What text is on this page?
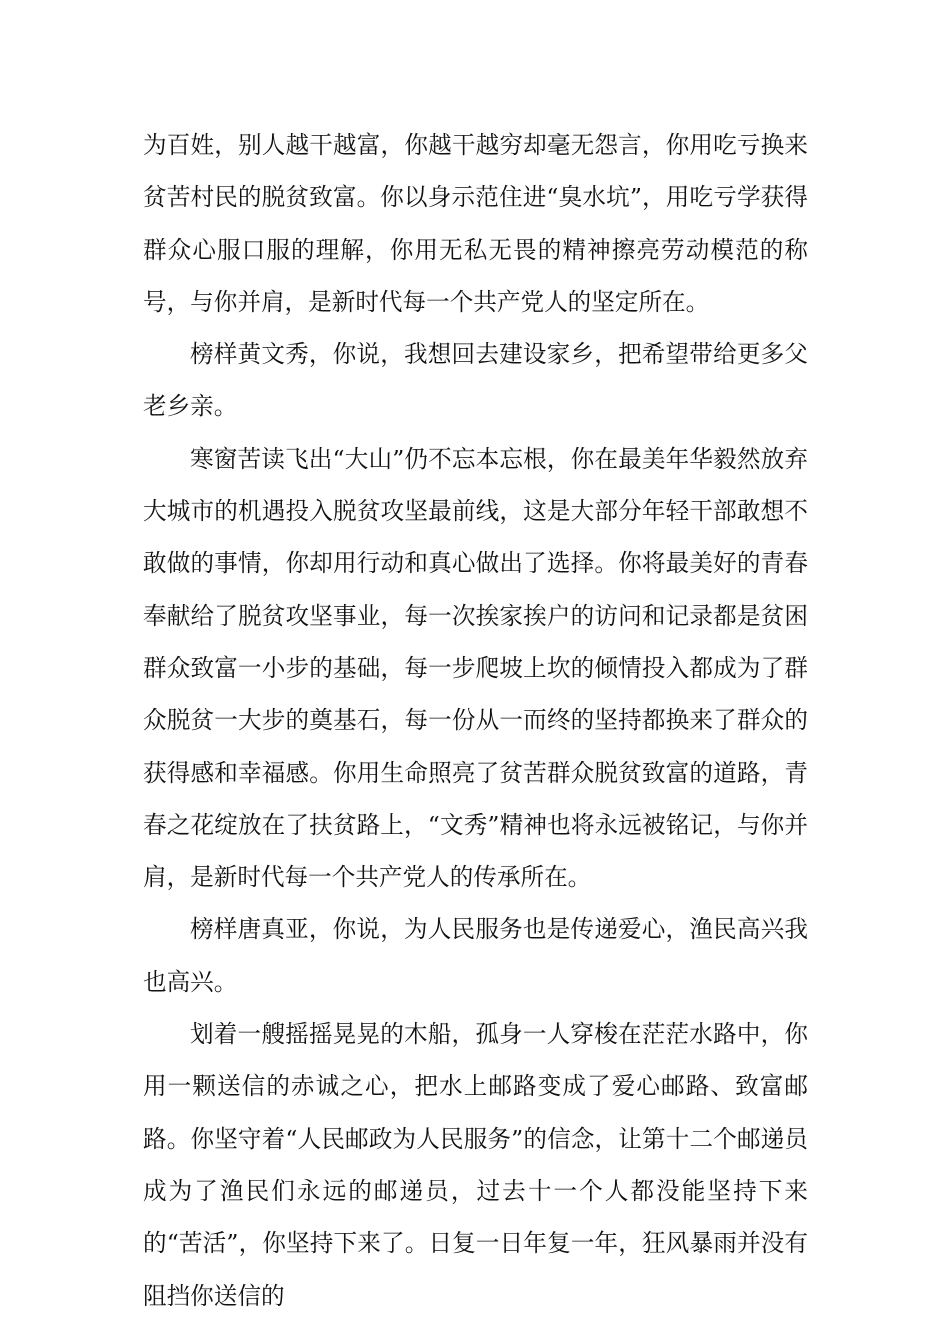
为百姓，别人越干越富，你越干越穷却毫无怨言，你用吃亏换来贫苦村民的脱贫致富。你以身示范住进“臭水坑”，用吃亏学获得群众心服口服的理解，你用无私无畏的精神擦亮劳动模范的称号，与你并肩，是新时代每一个共产党人的坚定所在。

榜样黄文秀，你说，我想回去建设家乡，把希望带给更多父老乡亲。

寒窗苦读飞出“大山”仍不忘本忘根，你在最美年华毅然放弃大城市的机遇投入脱贫攻坚最前线，这是大部分年轻干部敢想不敢做的事情，你却用行动和真心做出了选择。你将最美好的青春奉献给了脱贫攻坚事业，每一次挨家挨户的访问和记录都是贫困群众致富一小步的基础，每一步爬坡上坎的倾情投入都成为了群众脱贫一大步的奠基石，每一份从一而终的坚持都换来了群众的获得感和幸福感。你用生命照亮了贫苦群众脱贫致富的道路，青春之花绽放在了扶贫路上，“文秀”精神也将永远被铭记，与你并肩，是新时代每一个共产党人的传承所在。

榜样唐真亚，你说，为人民服务也是传递爱心，渔民高兴我也高兴。

划着一艘摇摇晃晃的木船，孤身一人穿梭在茫茫水路中，你用一颗送信的赤诚之心，把水上邮路变成了爱心邮路、致富邮路。你坚守着“人民邮政为人民服务”的信念，让第十二个邮递员成为了渔民们永远的邮递员，过去十一个人都没能坚持下来的“苦活”，你坚持下来了。日复一日年复一年，狂风暴雨并没有阻挡你送信的
